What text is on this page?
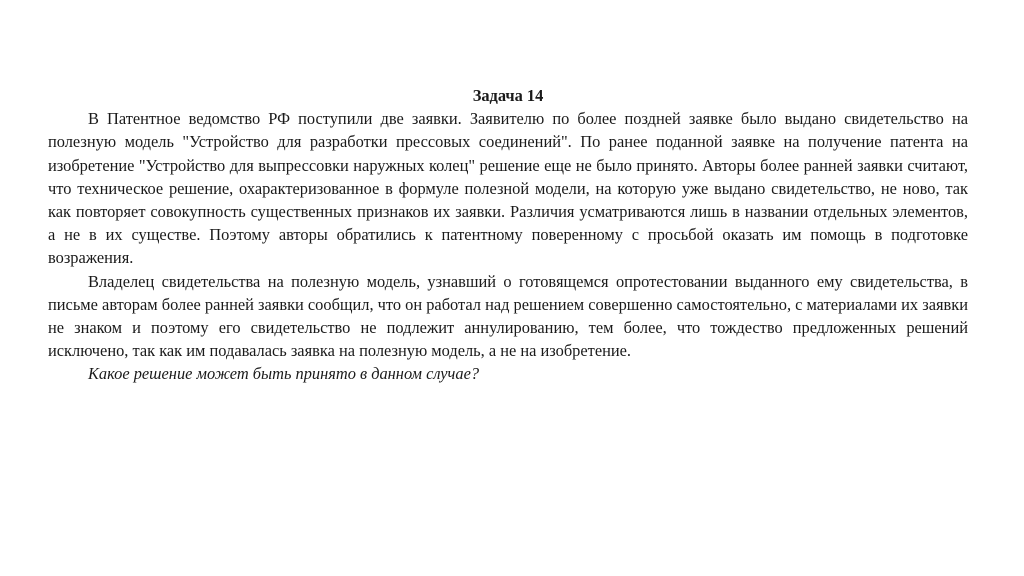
Задача 14

В Патентное ведомство РФ поступили две заявки. Заявителю по более поздней заявке было выдано свидетельство на полезную модель "Устройство для разработки прессовых соединений". По ранее поданной заявке на получение патента на изобретение "Устройство для выпрессовки наружных колец" решение еще не было принято. Авторы более ранней заявки считают, что техническое решение, охарактеризованное в формуле полезной модели, на которую уже выдано свидетельство, не ново, так как повторяет совокупность существенных признаков их заявки. Различия усматриваются лишь в названии отдельных элементов, а не в их существе. Поэтому авторы обратились к патентному поверенному с просьбой оказать им помощь в подготовке возражения.

Владелец свидетельства на полезную модель, узнавший о готовящемся опротестовании выданного ему свидетельства, в письме авторам более ранней заявки сообщил, что он работал над решением совершенно самостоятельно, с материалами их заявки не знаком и поэтому его свидетельство не подлежит аннулированию, тем более, что тождество предложенных решений исключено, так как им подавалась заявка на полезную модель, а не на изобретение.

Какое решение может быть принято в данном случае?
